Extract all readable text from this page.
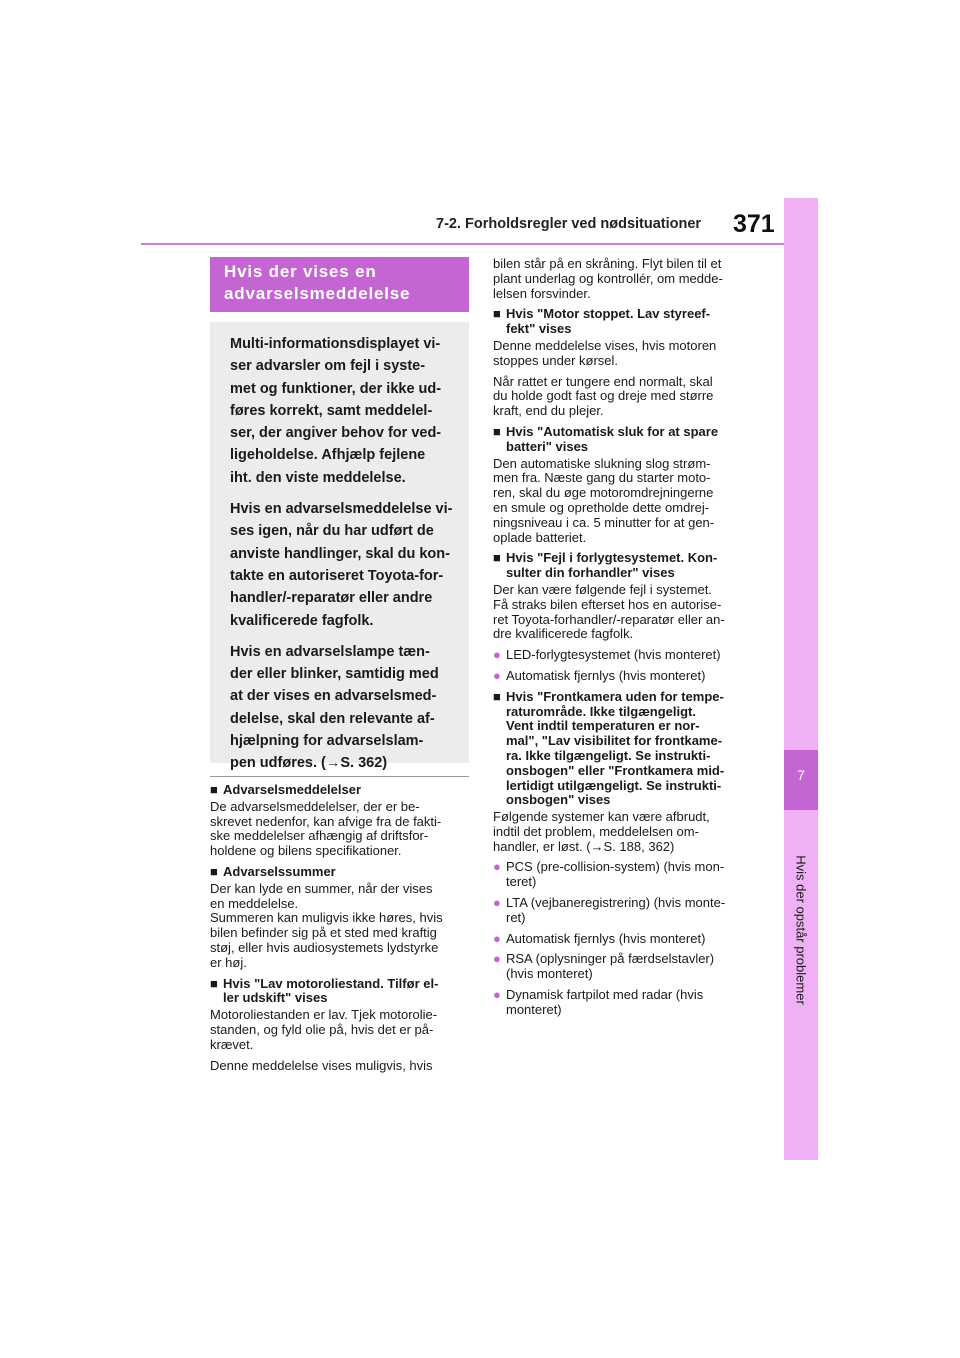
7-2. Forholdsregler ved nødsituationer 371
7
Hvis der opstår problemer
Hvis der vises en
advarselsmeddelelse

Multi-informationsdisplayet vi-
ser advarsler om fejl i syste-
met og funktioner, der ikke ud-
føres korrekt, samt meddelel-
ser, der angiver behov for ved-
ligeholdelse. Afhjælp fejlene
iht. den viste meddelelse.

Hvis en advarselsmeddelelse vi-
ses igen, når du har udført de
anviste handlinger, skal du kon-
takte en autoriseret Toyota-for-
handler/-reparatør eller andre
kvalificerede fagfolk.

Hvis en advarselslampe tæn-
der eller blinker, samtidig med
at der vises en advarselsmed-
delelse, skal den relevante af-
hjælpning for advarselslam-
pen udføres. (→S. 362)

■ Advarselsmeddelelser

De advarselsmeddelelser, der er be-
skrevet nedenfor, kan afvige fra de fakti-
ske meddelelser afhængig af driftsfor-
holdene og bilens specifikationer.

■ Advarselssummer

Der kan lyde en summer, når der vises
en meddelelse.
Summeren kan muligvis ikke høres, hvis
bilen befinder sig på et sted med kraftig
støj, eller hvis audiosystemets lydstyrke
er høj.

■ Hvis "Lav motoroliestand. Tilfør el-
ler udskift" vises

Motoroliestanden er lav. Tjek motorolie-
standen, og fyld olie på, hvis det er på-
krævet.

Denne meddelelse vises muligvis, hvis

bilen står på en skråning. Flyt bilen til et
plant underlag og kontrollér, om medde-
lelsen forsvinder.

■ Hvis "Motor stoppet. Lav styreef-
fekt" vises

Denne meddelelse vises, hvis motoren
stoppes under kørsel.

Når rattet er tungere end normalt, skal
du holde godt fast og dreje med større
kraft, end du plejer.

■ Hvis "Automatisk sluk for at spare
batteri" vises

Den automatiske slukning slog strøm-
men fra. Næste gang du starter moto-
ren, skal du øge motoromdrejningerne
en smule og opretholde dette omdrej-
ningsniveau i ca. 5 minutter for at gen-
oplade batteriet.

■ Hvis "Fejl i forlygtesystemet. Kon-
sulter din forhandler" vises

Der kan være følgende fejl i systemet.
Få straks bilen efterset hos en autorise-
ret Toyota-forhandler/-reparatør eller an-
dre kvalificerede fagfolk.

● LED-forlygtesystemet (hvis monteret)

● Automatisk fjernlys (hvis monteret)

■ Hvis "Frontkamera uden for tempe-
raturområde. Ikke tilgængeligt.
Vent indtil temperaturen er nor-
mal", "Lav visibilitet for frontkame-
ra. Ikke tilgængeligt. Se instrukti-
onsbogen" eller "Frontkamera mid-
lertidigt utilgængeligt. Se instrukti-
onsbogen" vises

Følgende systemer kan være afbrudt,
indtil det problem, meddelelsen om-
handler, er løst. (→S. 188, 362)

● PCS (pre-collision-system) (hvis mon-
teret)

● LTA (vejbaneregistrering) (hvis monte-
ret)

● Automatisk fjernlys (hvis monteret)

● RSA (oplysninger på færdselstavler)
(hvis monteret)

● Dynamisk fartpilot med radar (hvis
monteret)
